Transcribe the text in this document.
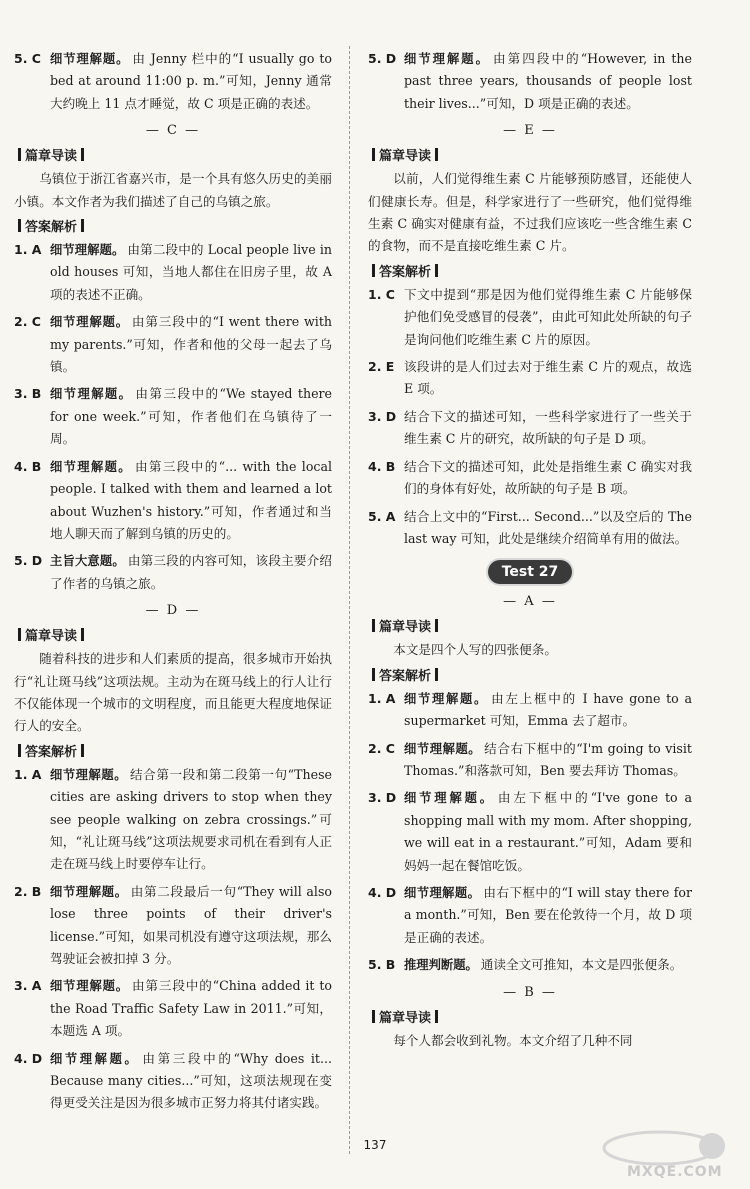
5. C 细节理解题。 由 Jenny 栏中的“I usually go to bed at around 11:00 p. m.”可知，Jenny 通常大约晚上 11 点才睡觉，故 C 项是正确的表述。
— C —
篇章导读

乌镇位于浙江省嘉兴市，是一个具有悠久历史的美丽小镇。本文作者为我们描述了自己的乌镇之旅。

答案解析
1. A 细节理解题。 由第二段中的 Local people live in old houses 可知，当地人都住在旧房子里，故 A 项的表述不正确。
2. C 细节理解题。 由第三段中的“I went there with my parents.”可知，作者和他的父母一起去了乌镇。
3. B 细节理解题。 由第三段中的“We stayed there for one week.”可知，作者他们在乌镇待了一周。
4. B 细节理解题。 由第三段中的“... with the local people. I talked with them and learned a lot about Wuzhen's history.”可知，作者通过和当地人聊天而了解到乌镇的历史的。
5. D 主旨大意题。 由第三段的内容可知，该段主要介绍了作者的乌镇之旅。
— D —
篇章导读

随着科技的进步和人们素质的提高，很多城市开始执行“礼让斑马线”这项法规。主动为在斑马线上的行人让行不仅能体现一个城市的文明程度，而且能更大程度地保证行人的安全。

答案解析
1. A 细节理解题。 结合第一段和第二段第一句“These cities are asking drivers to stop when they see people walking on zebra crossings.”可知，“礼让斑马线”这项法规要求司机在看到有人正走在斑马线上时要停车让行。
2. B 细节理解题。 由第二段最后一句“They will also lose three points of their driver's license.”可知，如果司机没有遵守这项法规，那么驾驶证会被扣掉 3 分。
3. A 细节理解题。 由第三段中的“China added it to the Road Traffic Safety Law in 2011.”可知，本题选 A 项。
4. D 细节理解题。 由第三段中的“Why does it... Because many cities...”可知，这项法规现在变得更受关注是因为很多城市正努力将其付诸实践。
5. D 细节理解题。 由第四段中的“However, in the past three years, thousands of people lost their lives...”可知，D 项是正确的表述。
— E —
篇章导读

以前，人们觉得维生素 C 片能够预防感冒，还能使人们健康长寿。但是，科学家进行了一些研究，他们觉得维生素 C 确实对健康有益，不过我们应该吃一些含维生素 C 的食物，而不是直接吃维生素 C 片。

答案解析
1. C 下文中提到“那是因为他们觉得维生素 C 片能够保护他们免受感冒的侵袭”，由此可知此处所缺的句子是询问他们吃维生素 C 片的原因。
2. E 该段讲的是人们过去对于维生素 C 片的观点，故选 E 项。
3. D 结合下文的描述可知，一些科学家进行了一些关于维生素 C 片的研究，故所缺的句子是 D 项。
4. B 结合下文的描述可知，此处是指维生素 C 确实对我们的身体有好处，故所缺的句子是 B 项。
5. A 结合上文中的“First... Second...”以及空后的 The last way 可知，此处是继续介绍简单有用的做法。
Test 27
— A —
篇章导读

本文是四个人写的四张便条。

答案解析
1. A 细节理解题。 由左上框中的 I have gone to a supermarket 可知，Emma 去了超市。
2. C 细节理解题。 结合右下框中的“I'm going to visit Thomas.”和落款可知，Ben 要去拜访 Thomas。
3. D 细节理解题。 由左下框中的“I've gone to a shopping mall with my mom. After shopping, we will eat in a restaurant.”可知，Adam 要和妈妈一起在餐馆吃饭。
4. D 细节理解题。 由右下框中的“I will stay there for a month.”可知，Ben 要在伦敦待一个月，故 D 项是正确的表述。
5. B 推理判断题。 通读全文可推知，本文是四张便条。
— B —
篇章导读

每个人都会收到礼物。本文介绍了几种不同

137
MXQE.COM
